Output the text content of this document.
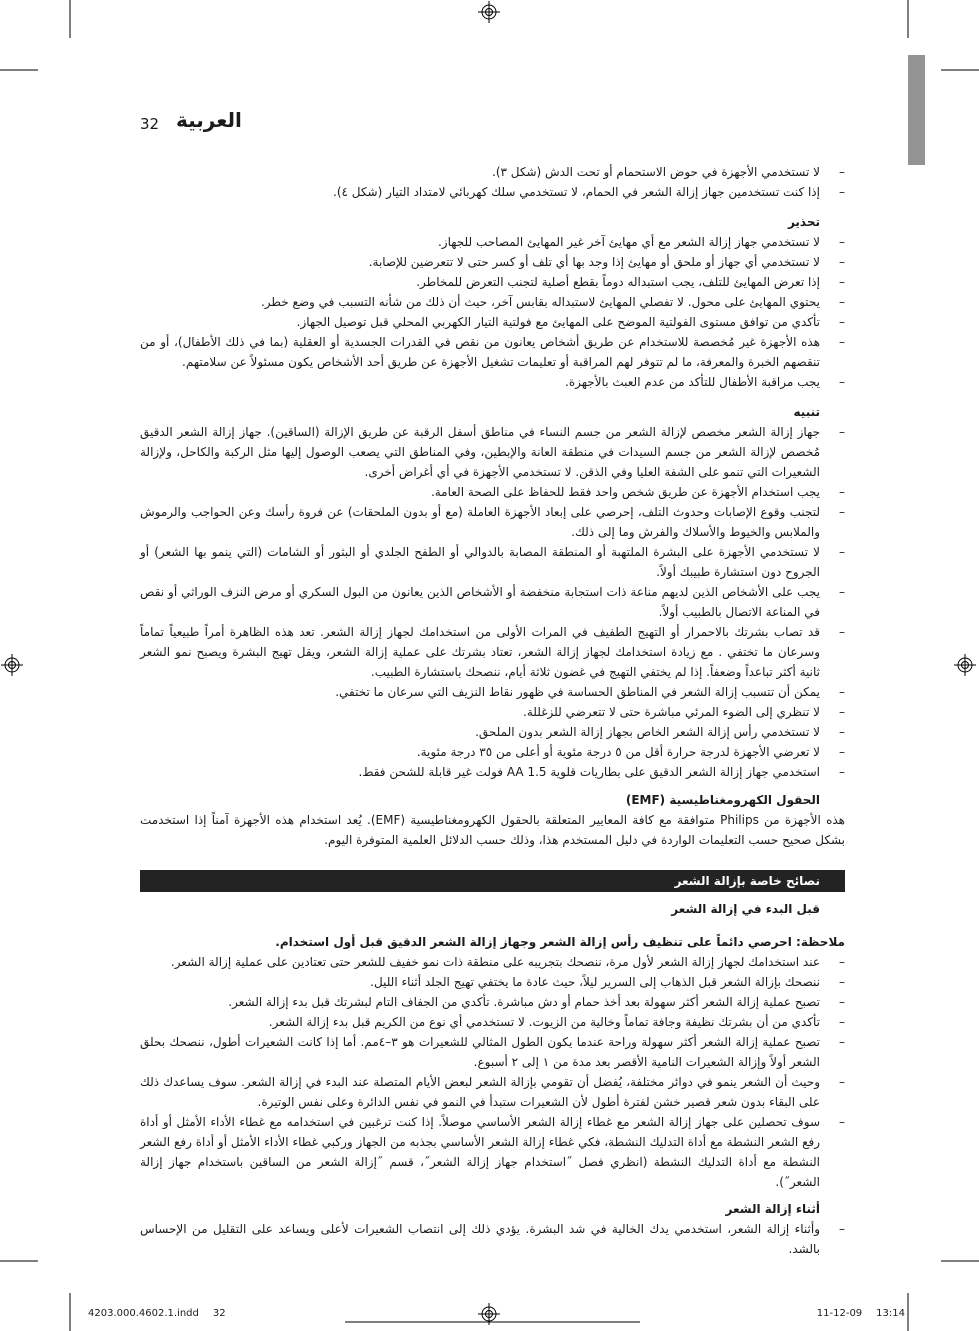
32 العربية
– لا تستخدمي الأجهزة في حوض الاستحمام أو تحت الدش (شكل ٣).
– إذا كنت تستخدمين جهاز إزالة الشعر في الحمام، لا تستخدمي سلك كهربائي لامتداد التيار (شكل ٤).
تحذير
– لا تستخدمي جهاز إزالة الشعر مع أي مهايئ آخر غير المهايئ المصاحب للجهاز.
– لا تستخدمي أي جهاز أو ملحق أو مهايئ إذا وجد بها أي تلف أو كسر حتى لا تتعرضين للإصابة.
– إذا تعرض المهايئ للتلف، يجب استبداله دوماً بقطع أصلية لتجنب التعرض للمخاطر.
– يحتوي المهايئ على محول. لا تفصلي المهايئ لاستبداله بقابس آخر، حيث أن ذلك من شأنه التسبب في وضع خطر.
– تأكدي من توافق مستوى الفولتية الموضح على المهايئ مع فولتية التيار الكهربي المحلي قبل توصيل الجهاز.
– هذه الأجهزة غير مُخصصة للاستخدام عن طريق أشخاص يعانون من نقص في القدرات الجسدية أو العقلية (بما في ذلك الأطفال)، أو من تنقصهم الخبرة والمعرفة، ما لم تتوفر لهم المراقبة أو تعليمات تشغيل الأجهزة عن طريق أحد الأشخاص يكون مسئولاً عن سلامتهم.
– يجب مراقبة الأطفال للتأكد من عدم العبث بالأجهزة.
تنبيه
– جهاز إزالة الشعر مخصص لإزالة الشعر من جسم النساء في مناطق أسفل الرقبة عن طريق الإزالة (الساقين). جهاز إزالة الشعر الدقيق مُخصص لإزالة الشعر من جسم السيدات في منطقة العانة والإبطين، وفي المناطق التي يصعب الوصول إليها مثل الركبة والكاحل، ولإزالة الشعيرات التي تنمو على الشفة العليا وفي الذقن. لا تستخدمي الأجهزة في أي أغراض أخرى.
– يجب استخدام الأجهزة عن طريق شخص واحد فقط للحفاظ على الصحة العامة.
– لتجنب وقوع الإصابات وحدوث التلف، إحرصي على إبعاد الأجهزة العاملة (مع أو بدون الملحقات) عن فروة رأسك وعن الحواجب والرموش والملابس والخيوط والأسلاك والفرش وما إلى ذلك.
– لا تستخدمي الأجهزة على البشرة الملتهبة أو المنطقة المصابة بالدوالي أو الطفح الجلدي أو البثور أو الشامات (التي ينمو بها الشعر) أو الجروح دون استشارة طبيبك أولاً.
– يجب على الأشخاص الذين لديهم مناعة ذات استجابة منخفضة أو الأشخاص الذين يعانون من البول السكري أو مرض النزف الوراثي أو نقص في المناعة الاتصال بالطبيب أولاً.
– قد تصاب بشرتك بالاحمرار أو التهيج الطفيف في المرات الأولى من استخدامك لجهاز إزالة الشعر. تعد هذه الظاهرة أمراً طبيعياً تماماً وسرعان ما تختفي . مع زيادة استخدامك لجهاز إزالة الشعر، تعتاد بشرتك على عملية إزالة الشعر، ويقل تهيج البشرة ويصبح نمو الشعر ثانية أكثر تباعداً وضعفاً. إذا لم يختفي التهيج في غضون ثلاثة أيام، ننصحك باستشارة الطبيب.
– يمكن أن تتسبب إزالة الشعر في المناطق الحساسة في ظهور نقاط النزيف التي سرعان ما تختفي.
– لا تنظري إلى الضوء المرئي مباشرة حتى لا تتعرضي للزغللة.
– لا تستخدمي رأس إزالة الشعر الخاص بجهاز إزالة الشعر بدون الملحق.
– لا تعرضي الأجهزة لدرجة حرارة أقل من ٥ درجة مئوية أو أعلى من ٣٥ درجة مئوية.
– استخدمي جهاز إزالة الشعر الدقيق على بطاريات قلوية 1.5 AA فولت غير قابلة للشحن فقط.
الحقول الكهرومغناطيسية (EMF)

هذه الأجهزة من Philips متوافقة مع كافة المعايير المتعلقة بالحقول الكهرومغناطيسية (EMF). يُعد استخدام هذه الأجهزة آمناً إذا استخدمت بشكل صحيح حسب التعليمات الواردة في دليل المستخدم هذا، وذلك حسب الدلائل العلمية المتوفرة اليوم.

نصائح خاصة بإزالة الشعر
قبل البدء في إزالة الشعر
ملاحظة: احرصي دائماً على تنظيف رأس إزالة الشعر وجهاز إزالة الشعر الدقيق قبل أول استخدام.
– عند استخدامك لجهاز إزالة الشعر لأول مرة، ننصحك بتجريبه على منطقة ذات نمو خفيف للشعر حتى تعتادين على عملية إزالة الشعر.
– ننصحك بإزالة الشعر قبل الذهاب إلى السرير ليلاً، حيث عادة ما يختفي تهيج الجلد أثناء الليل.
– تصبح عملية إزالة الشعر أكثر سهولة بعد أخذ حمام أو دش مباشرة. تأكدي من الجفاف التام لبشرتك قبل بدء إزالة الشعر.
– تأكدي من أن بشرتك نظيفة وجافة تماماً وخالية من الزيوت. لا تستخدمي أي نوع من الكريم قبل بدء إزالة الشعر.
– تصبح عملية إزالة الشعر أكثر سهولة وراحة عندما يكون الطول المثالي للشعيرات هو ٣–٤مم. أما إذا كانت الشعيرات أطول، ننصحك بحلق الشعر أولاً وإزالة الشعيرات النامية الأقصر بعد مدة من ١ إلى ٢ أسبوع.
– وحيث أن الشعر ينمو في دوائر مختلفة، يُفضل أن تقومي بإزالة الشعر لبعض الأيام المتصلة عند البدء في إزالة الشعر. سوف يساعدك ذلك على البقاء بدون شعر قصير خشن لفترة أطول لأن الشعيرات ستبدأ في النمو في نفس الدائرة وعلى نفس الوتيرة.
– سوف تحصلين على جهاز إزالة الشعر مع غطاء إزالة الشعر الأساسي موصلاً. إذا كنت ترغبين في استخدامه مع غطاء الأداء الأمثل أو أداة رفع الشعر النشطة مع أداة التدليك النشطة، فكي غطاء إزالة الشعر الأساسي بجذبه من الجهاز وركبي غطاء الأداء الأمثل أو أداة رفع الشعر النشطة مع أداة التدليك النشطة (انظري فصل ˝استخدام جهاز إزالة الشعر˝، قسم ˝إزالة الشعر من الساقين باستخدام جهاز إزالة الشعر˝).
أثناء إزالة الشعر
– وأثناء إزالة الشعر، استخدمي يدك الخالية في شد البشرة. يؤدي ذلك إلى انتصاب الشعيرات لأعلى ويساعد على التقليل من الإحساس بالشد.
4203.000.4602.1.indd 32	11-12-09 13:14
